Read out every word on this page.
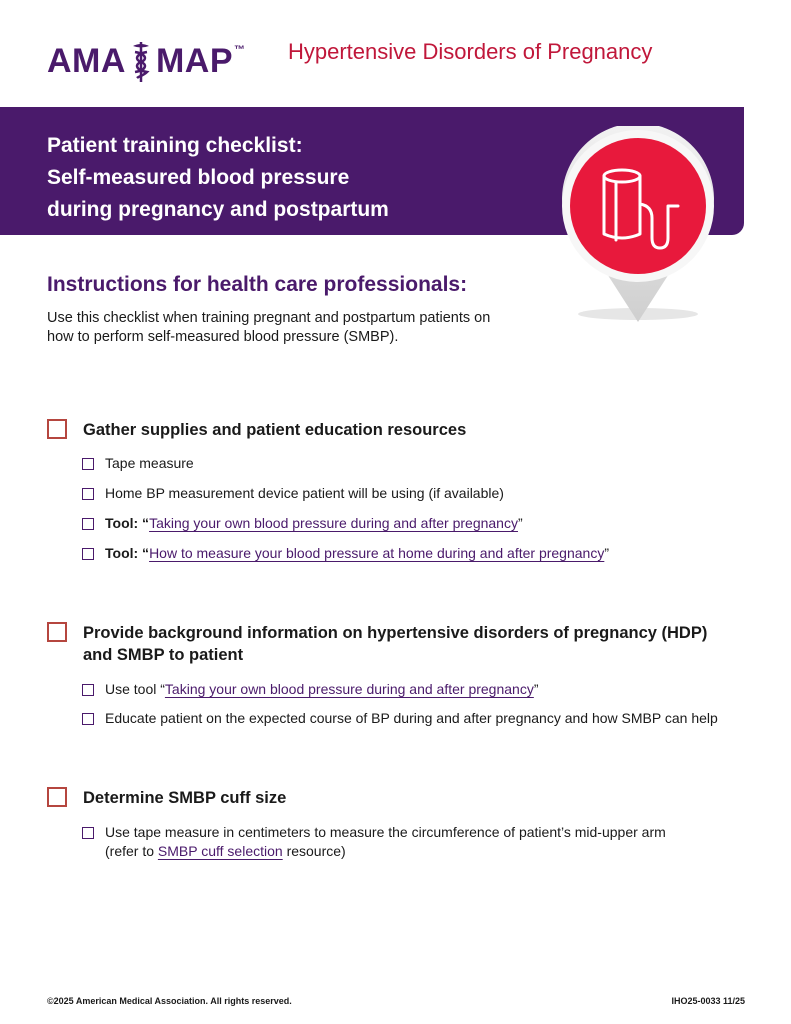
AMA MAP ™ Hypertensive Disorders of Pregnancy
Patient training checklist:
Self-measured blood pressure
during pregnancy and postpartum
Instructions for health care professionals:

Use this checklist when training pregnant and postpartum patients on how to perform self-measured blood pressure (SMBP).

Gather supplies and patient education resources
Tape measure
Home BP measurement device patient will be using (if available)
Tool: “Taking your own blood pressure during and after pregnancy”
Tool: “How to measure your blood pressure at home during and after pregnancy”
Provide background information on hypertensive disorders of pregnancy (HDP)
and SMBP to patient
Use tool “Taking your own blood pressure during and after pregnancy”
Educate patient on the expected course of BP during and after pregnancy and how SMBP can help
Determine SMBP cuff size
Use tape measure in centimeters to measure the circumference of patient’s mid-upper arm
(refer to SMBP cuff selection resource)
©2025 American Medical Association. All rights reserved.	IHO25-0033 11/25
